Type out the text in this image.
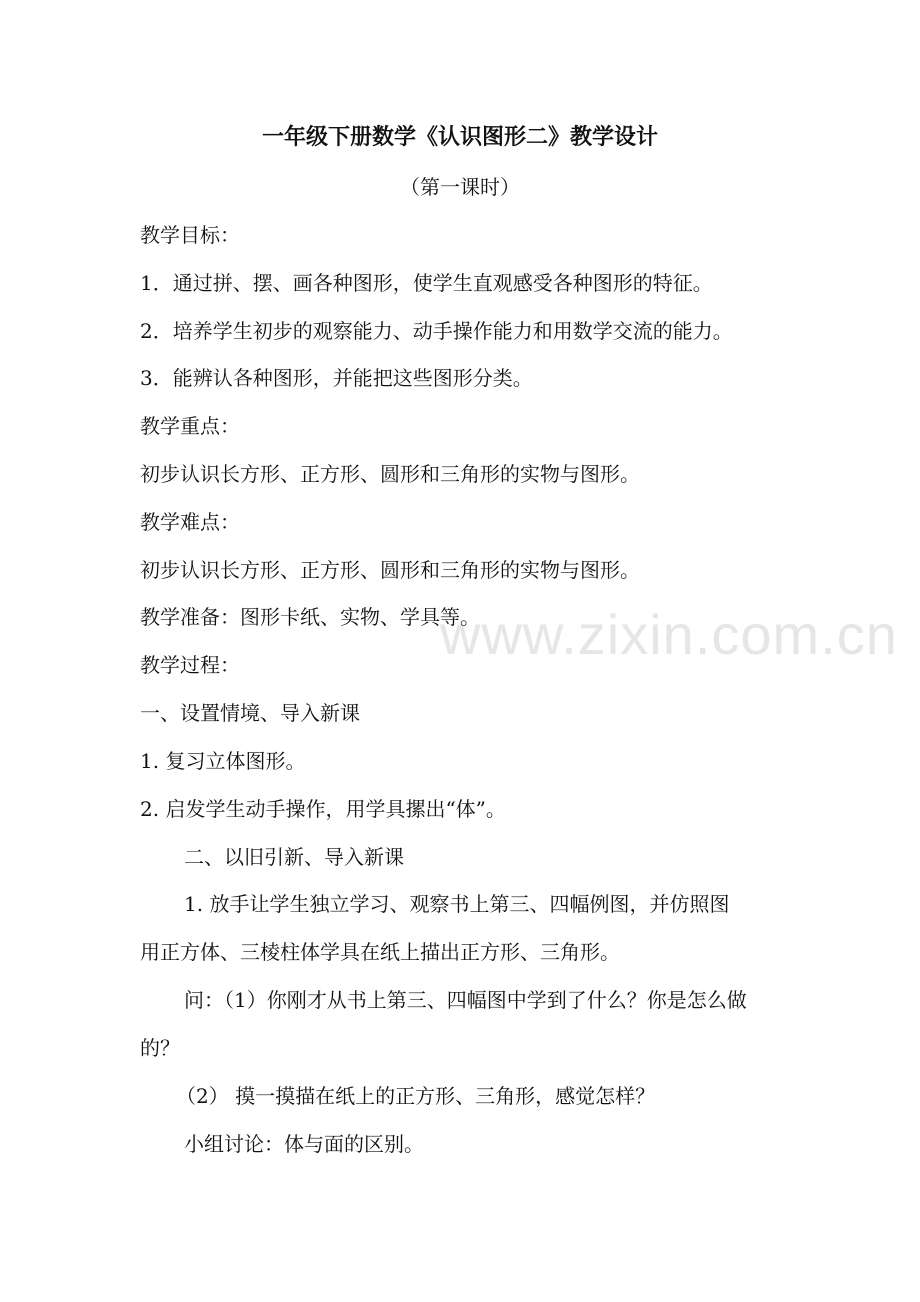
www.zixin.com.cn
一年级下册数学《认识图形二》教学设计
（第一课时）
教学目标：
1．通过拼、摆、画各种图形，使学生直观感受各种图形的特征。
2．培养学生初步的观察能力、动手操作能力和用数学交流的能力。
3．能辨认各种图形，并能把这些图形分类。
教学重点：
初步认识长方形、正方形、圆形和三角形的实物与图形。
教学难点：
初步认识长方形、正方形、圆形和三角形的实物与图形。
教学准备：图形卡纸、实物、学具等。
教学过程：
一、设置情境、导入新课
1. 复习立体图形。
2. 启发学生动手操作，用学具摞出“体”。
二、以旧引新、导入新课
1. 放手让学生独立学习、观察书上第三、四幅例图，并仿照图
用正方体、三棱柱体学具在纸上描出正方形、三角形。
问：（1）你刚才从书上第三、四幅图中学到了什么？你是怎么做
的？
（2） 摸一摸描在纸上的正方形、三角形，感觉怎样？
小组讨论：体与面的区别。
